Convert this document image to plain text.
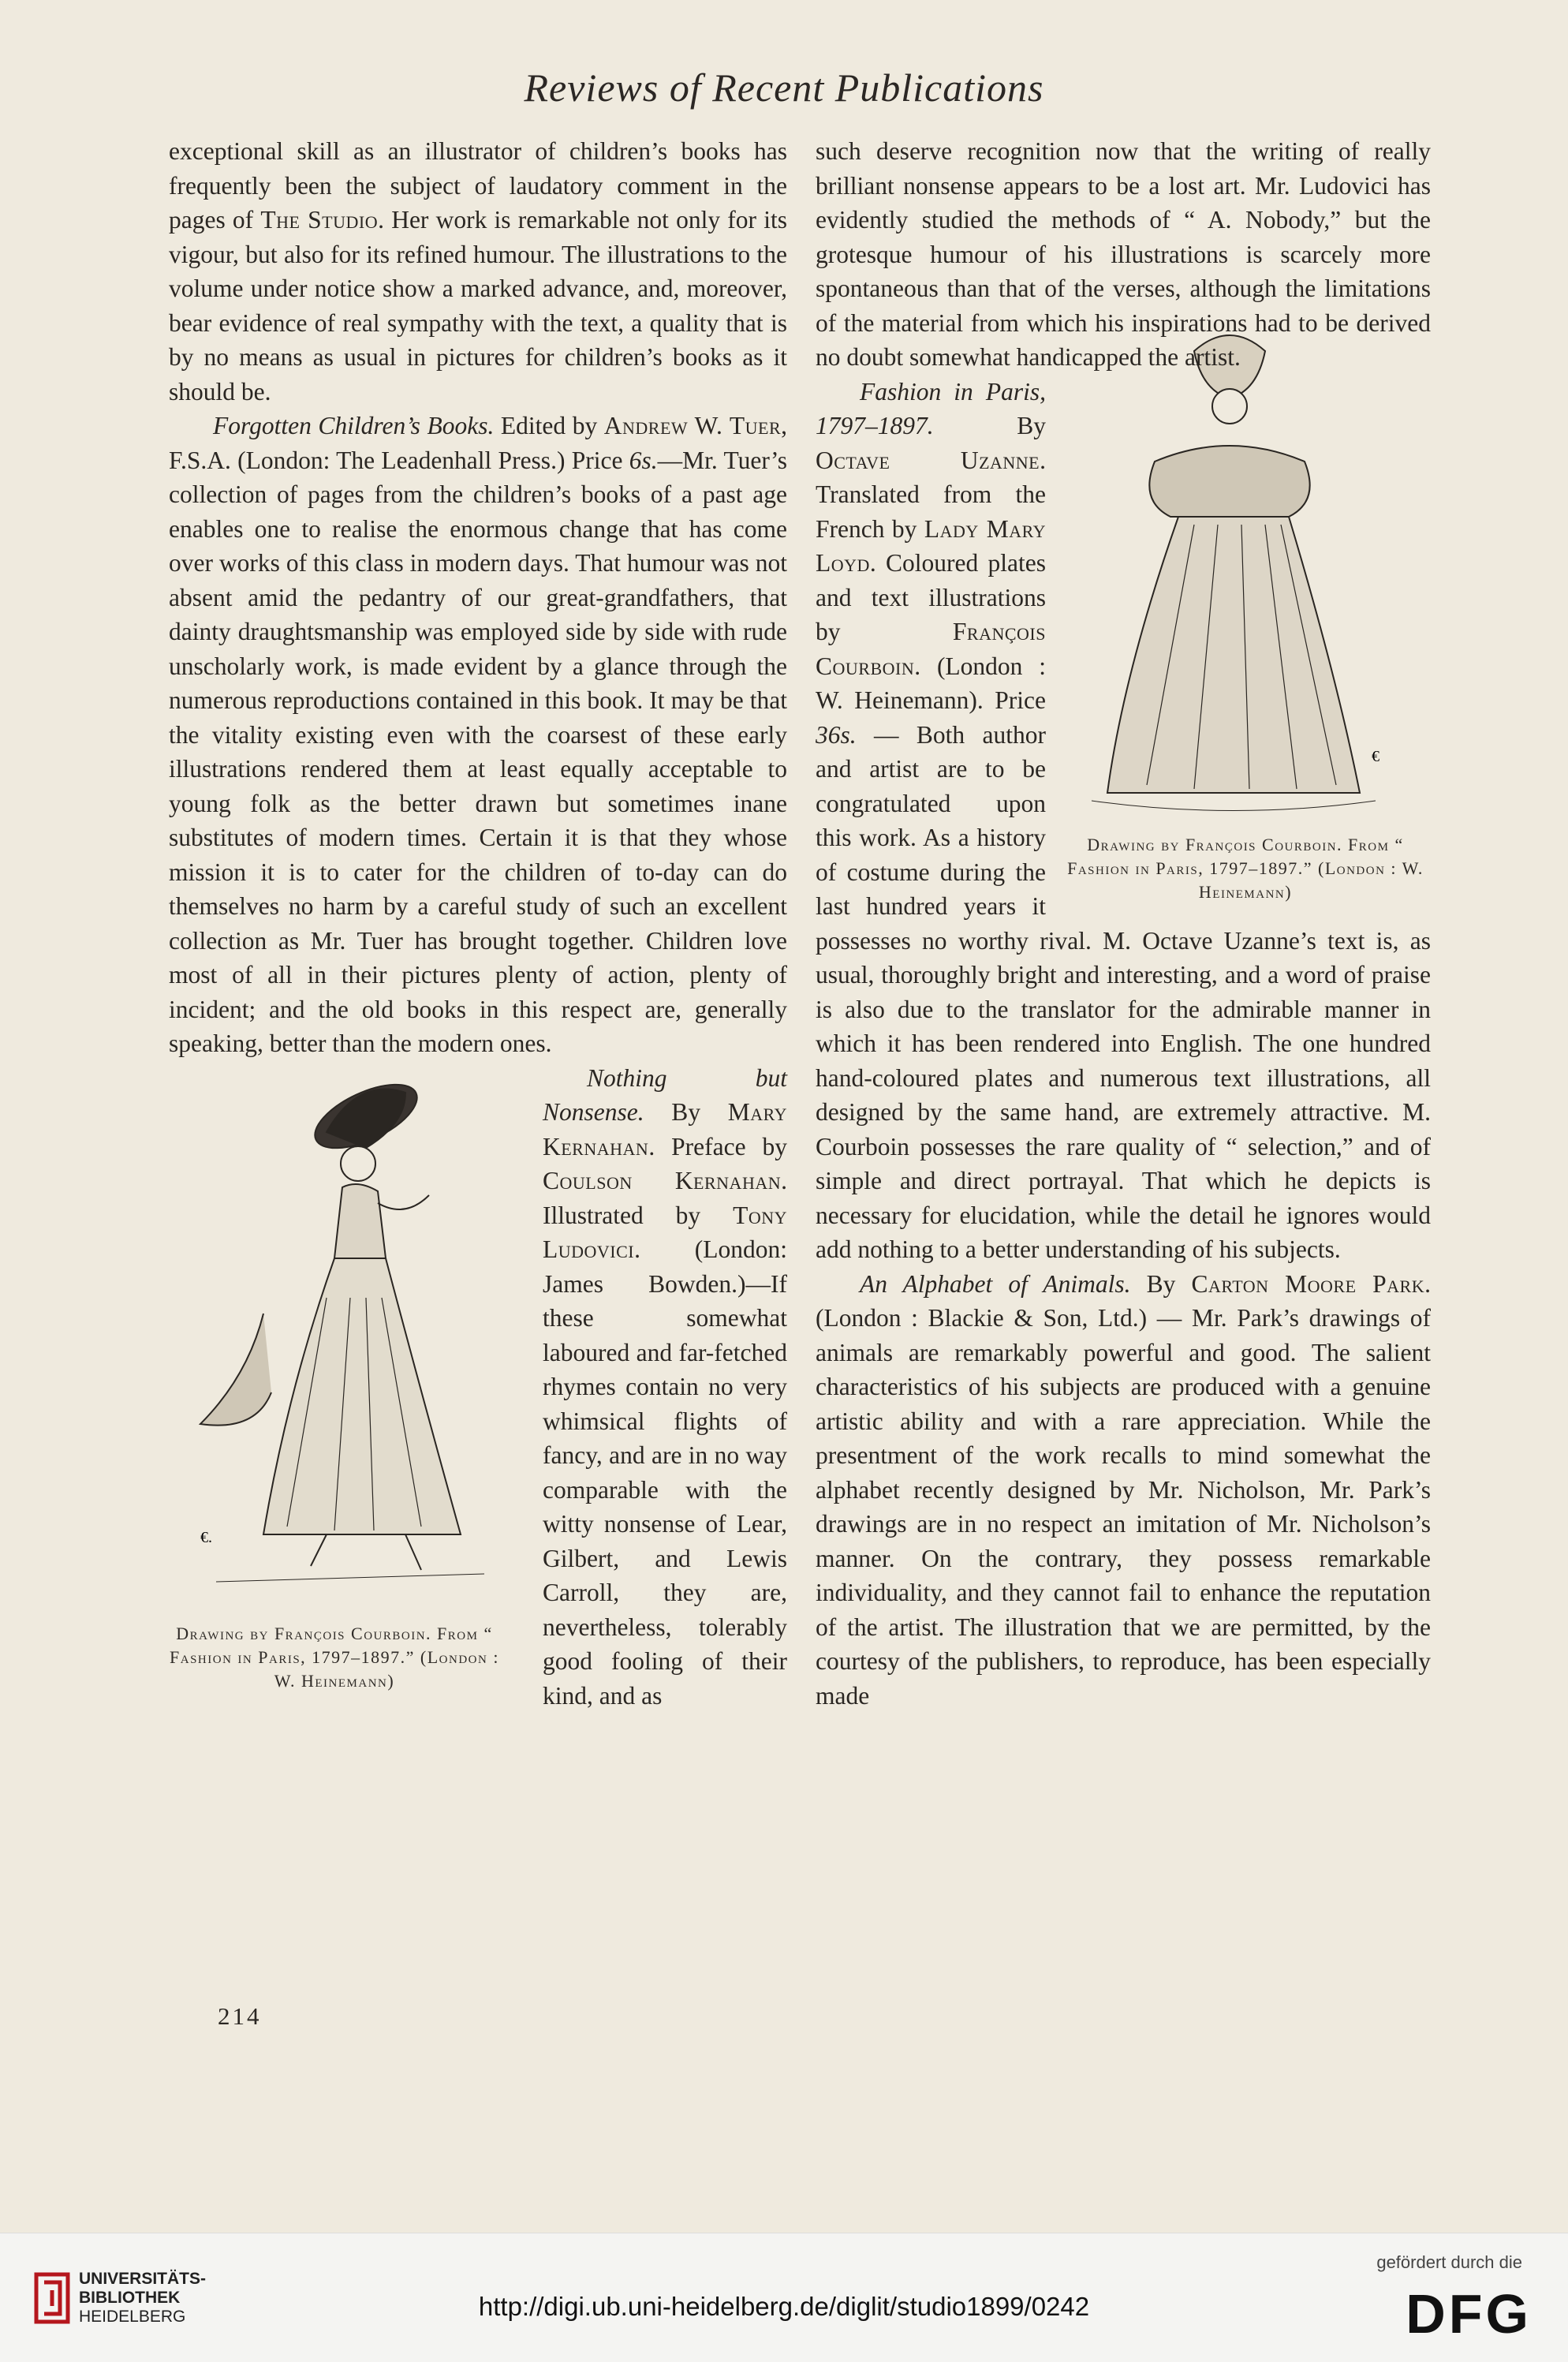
Reviews of Recent Publications

exceptional skill as an illustrator of children’s books has frequently been the subject of laudatory comment in the pages of The Studio. Her work is remarkable not only for its vigour, but also for its refined humour. The illustrations to the volume under notice show a marked advance, and, moreover, bear evidence of real sympathy with the text, a quality that is by no means as usual in pictures for children’s books as it should be.

Forgotten Children’s Books. Edited by Andrew W. Tuer, F.S.A. (London: The Leadenhall Press.) Price 6s.—Mr. Tuer’s collection of pages from the children’s books of a past age enables one to realise the enormous change that has come over works of this class in modern days. That humour was not absent amid the pedantry of our great-grandfathers, that dainty draughtsmanship was employed side by side with rude unscholarly work, is made evident by a glance through the numerous reproductions contained in this book. It may be that the vitality existing even with the coarsest of these early illustrations rendered them at least equally acceptable to young folk as the better drawn but sometimes inane substitutes of modern times. Certain it is that they whose mission it is to cater for the children of to-day can do themselves no harm by a careful study of such an excellent collection as Mr. Tuer has brought together. Children love most of all in their pictures plenty of action, plenty of incident; and the old books in this respect are, generally speaking, better than the modern ones.

€.
Drawing by François Courboin. From “ Fashion in Paris, 1797–1897.” (London : W. Heinemann)

Nothing but Nonsense. By Mary Kernahan. Preface by Coulson Kernahan. Illustrated by Tony Ludovici. (London: James Bowden.)—If these somewhat laboured and far-fetched rhymes contain no very whimsical flights of fancy, and are in no way comparable with the witty nonsense of Lear, Gilbert, and Lewis Carroll, they are, nevertheless, tolerably good fooling of their kind, and as

such deserve recognition now that the writing of really brilliant nonsense appears to be a lost art. Mr. Ludovici has evidently studied the methods of “ A. Nobody,” but the grotesque humour of his illustrations is scarcely more spontaneous than that of the verses, although the limitations of the material from which his inspirations had to be derived no doubt somewhat handicapped the artist.

€
Drawing by François Courboin. From “ Fashion in Paris, 1797–1897.” (London : W. Heinemann)

Fashion in Paris, 1797–1897. By Octave Uzanne. Translated from the French by Lady Mary Loyd. Coloured plates and text illustrations by François Courboin. (London : W. Heinemann). Price 36s. — Both author and artist are to be congratulated upon this work. As a history of costume during the last hundred years it possesses no worthy rival. M. Octave Uzanne’s text is, as usual, thoroughly bright and interesting, and a word of praise is also due to the translator for the admirable manner in which it has been rendered into English. The one hundred hand-coloured plates and numerous text illustrations, all designed by the same hand, are extremely attractive. M. Courboin possesses the rare quality of “ selection,” and of simple and direct portrayal. That which he depicts is necessary for elucidation, while the detail he ignores would add nothing to a better understanding of his subjects.

An Alphabet of Animals. By Carton Moore Park. (London : Blackie & Son, Ltd.) — Mr. Park’s drawings of animals are remarkably powerful and good. The salient characteristics of his subjects are produced with a genuine artistic ability and with a rare appreciation. While the presentment of the work recalls to mind somewhat the alphabet recently designed by Mr. Nicholson, Mr. Park’s drawings are in no respect an imitation of Mr. Nicholson’s manner. On the contrary, they possess remarkable individuality, and they cannot fail to enhance the reputation of the artist. The illustration that we are permitted, by the courtesy of the publishers, to reproduce, has been especially made

214
UNIVERSITÄTS-
BIBLIOTHEK
HEIDELBERG	http://digi.ub.uni-heidelberg.de/diglit/studio1899/0242
gefördert durch die
DFG
